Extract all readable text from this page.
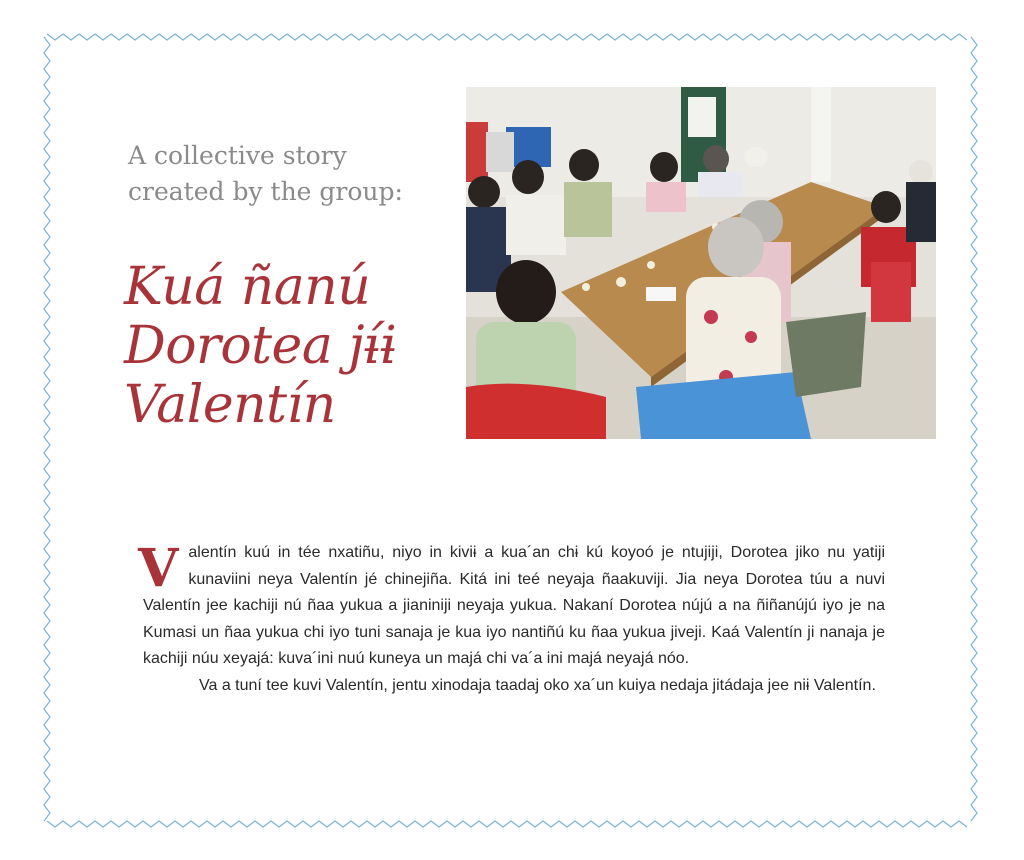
A collective story
created by the group:
Kuá ñanú
Dorotea jɨ́ɨ
Valentín

Valentín kuú in tée nxatiñu, niyo in kiviɨ a kua´an chɨ kú koyoó je ntujiji, Dorotea jiko nu yatiji kunaviini neya Valentín jé chinejiña. Kitá ini teé neyaja ñaakuviji. Jia neya Dorotea túu a nuvi Valentín jee kachiji nú ñaa yukua a jianiniji neyaja yukua. Nakaní Dorotea nújú a na ñiñanújú iyo je na Kumasi un ñaa yukua chi iyo tuni sanaja je kua iyo nantiñú ku ñaa yukua jiveji. Kaá Valentín ji nanaja je kachiji núu xeyajá: kuva´ini nuú kuneya un majá chi va´a ini majá neyajá nóo.

Va a tuní tee kuvi Valentín, jentu xinodaja taadaj oko xa´un kuiya nedaja jitádaja jee niɨ Valentín.
